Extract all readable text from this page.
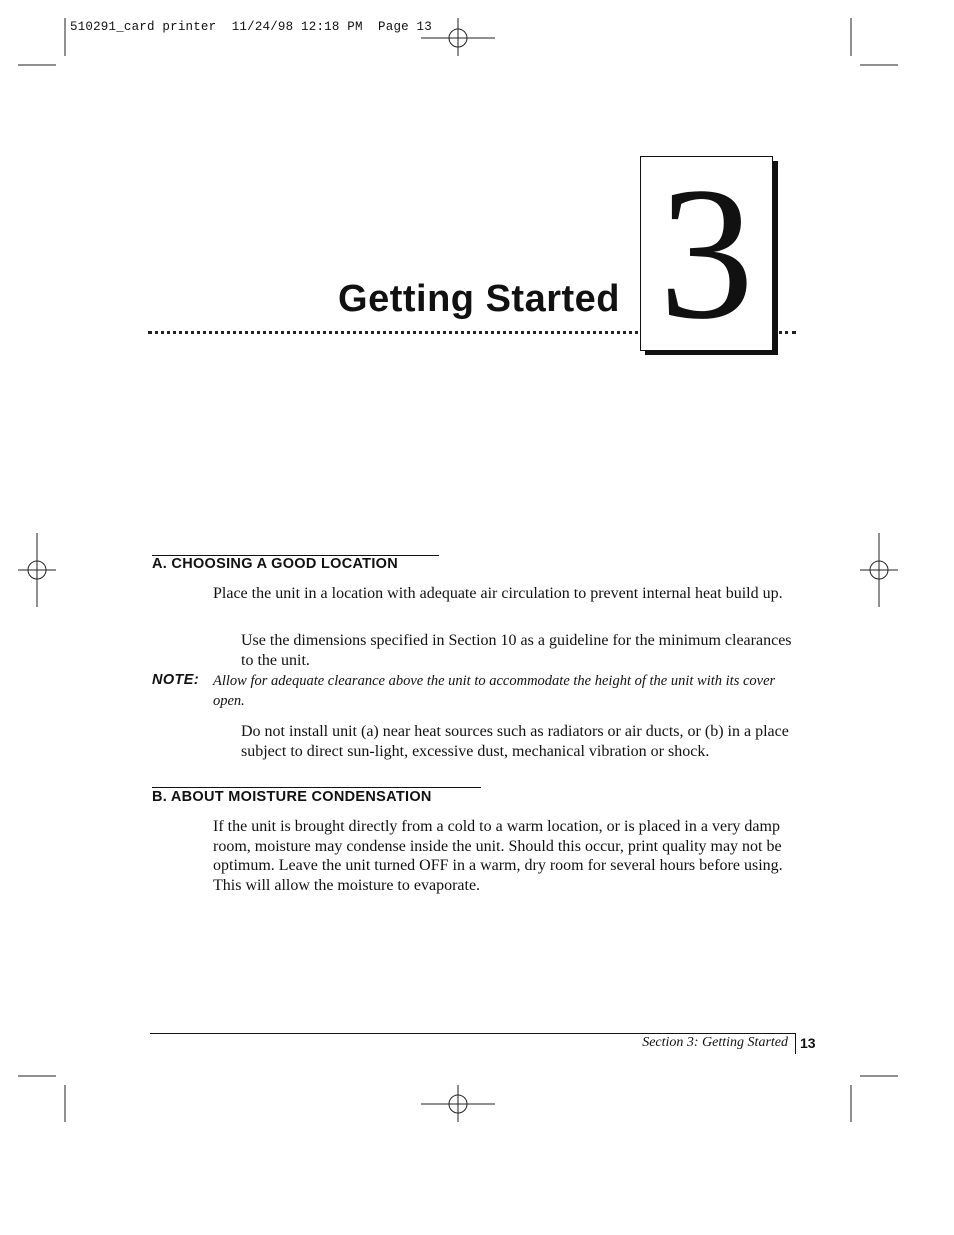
510291_card printer  11/24/98 12:18 PM  Page 13
Getting Started 3
A. CHOOSING A GOOD LOCATION
Place the unit in a location with adequate air circulation to prevent internal heat build up.
Use the dimensions specified in Section 10 as a guideline for the minimum clearances to the unit.
NOTE: Allow for adequate clearance above the unit to accommodate the height of the unit with its cover open.
Do not install unit (a) near heat sources such as radiators or air ducts, or (b) in a place subject to direct sun-light, excessive dust, mechanical vibration or shock.
B. ABOUT MOISTURE CONDENSATION
If the unit is brought directly from a cold to a warm location, or is placed in a very damp room, moisture may condense inside the unit. Should this occur, print quality may not be optimum. Leave the unit turned OFF in a warm, dry room for several hours before using. This will allow the moisture to evaporate.
Section 3: Getting Started 13
